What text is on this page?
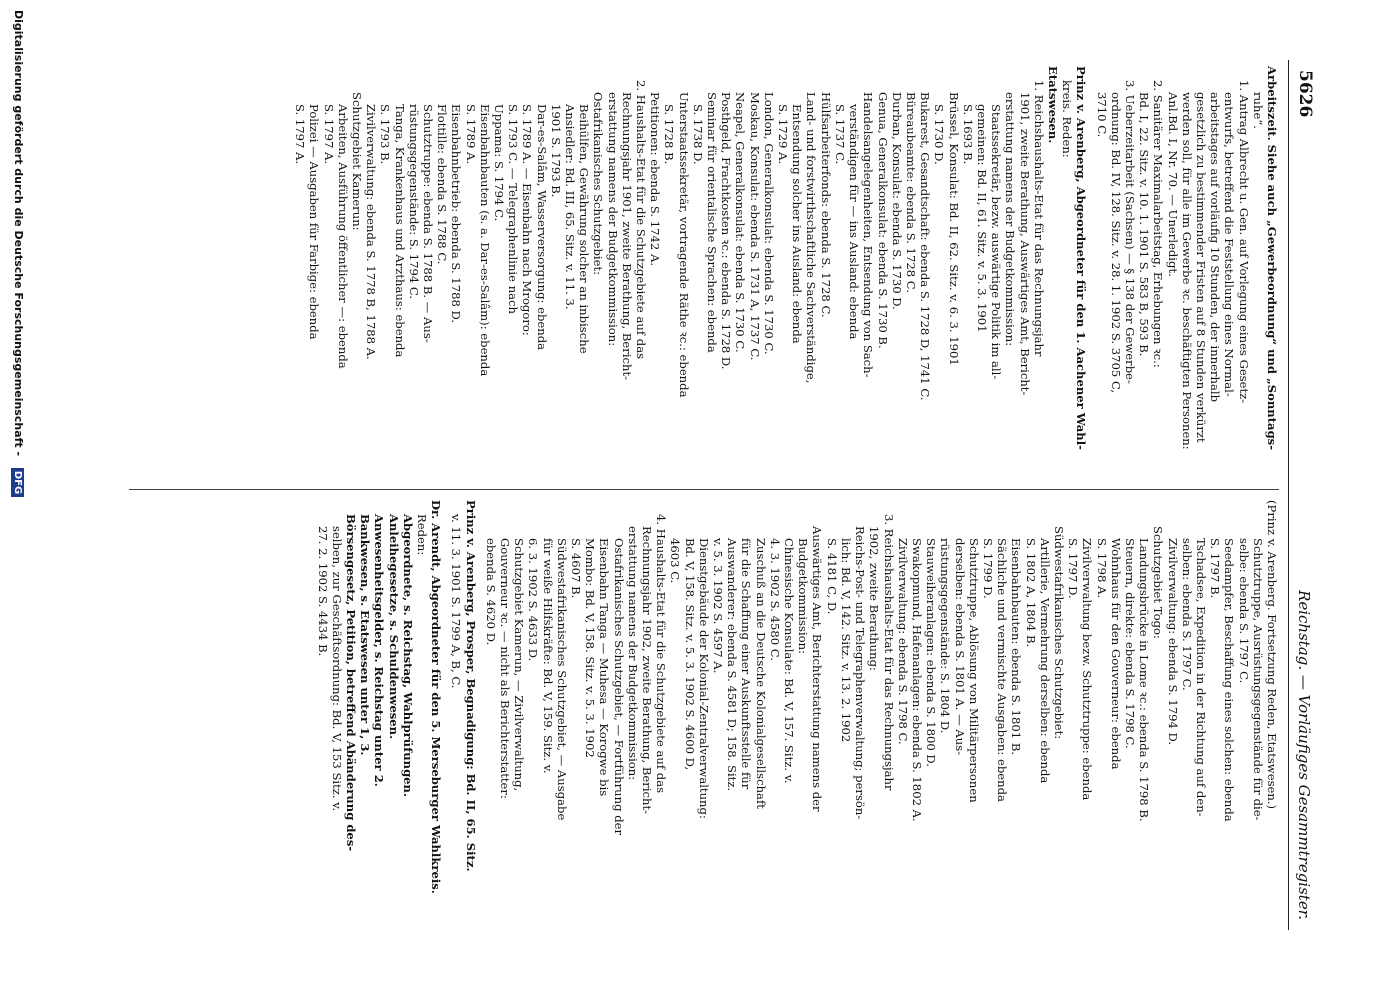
5626
Reichstag. — Vorläufiges Gesammtregister.
Arbeitszeit. Siehe auch „Gewerbeordnung“ und „Sonntags-
ruhe“.
1. Antrag Albrecht u. Gen. auf Vorlegung eines Gesetz-
entwurfs, betreffend die Feststellung eines Normal-
arbeitstages auf vorläufig 10 Stunden, der innerhalb
gesetzlich zu bestimmender Fristen auf 8 Stunden verkürzt
werden soll, für alle im Gewerbe ꝛc. beschäftigten Personen:
Anl.Bd. I, Nr. 70. — Unerledigt.
2. Sanitärer Maximalarbeitstag, Erhebungen ꝛc.:
Bd. I, 22. Sitz. v. 10. 1. 1901 S. 583 B, 593 B.
3. Ueberzeitarbeit (Sachsen) — § 138 der Gewerbe-
ordnung: Bd. IV, 128. Sitz. v. 28. 1. 1902 S. 3705 C,
3710 C.
Prinz v. Arenberg, Abgeordneter für den 1. Aachener Wahl-
kreis. Reden:
Etatswesen.
1. Reichshaushalts-Etat für das Rechnungsjahr
1901, zweite Berathung, Auswärtiges Amt, Bericht-
erstattung namens der Budgetkommission:
Staatssekretär, bezw. auswärtige Politik im all-
gemeinen: Bd. II, 61. Sitz. v. 5. 3. 1901
S. 1693 B.
Brüssel, Konsulat: Bd. II, 62. Sitz. v. 6. 3. 1901
S. 1730 D.
Bukarest, Gesandtschaft: ebenda S. 1728 D, 1741 C.
Büreaubeamte: ebenda S. 1728 C.
Durban, Konsulat: ebenda S. 1730 D.
Genua, Generalkonsulat: ebenda S. 1730 B.
Handelsangelegenheiten, Entsendung von Sach-
verständigen für — ins Ausland: ebenda
S. 1737 C.
Hülfsarbeiterfonds: ebenda S. 1728 C.
Land- und forstwirthschaftliche Sachverständige,
Entsendung solcher ins Ausland: ebenda
S. 1729 A.
London, Generalkonsulat: ebenda S. 1730 C.
Moskau, Konsulat: ebenda S. 1731 A, 1737 C.
Neapel, Generalkonsulat: ebenda S. 1730 C.
Posthgeld, Frachtkosten ꝛc.: ebenda S. 1728 D.
Seminar für orientalische Sprachen: ebenda
S. 1738 D.
Unterstaatssekretär, vortragende Räthe ꝛc.: ebenda
S. 1728 B.
Petitionen: ebenda S. 1742 A.
2. Haushalts-Etat für die Schutzgebiete auf das
Rechnungsjahr 1901, zweite Berathung, Bericht-
erstattung namens der Budgetkommission:
Ostafrikanisches Schutzgebiet:
Beihülfen, Gewährung solcher an inbische
Ansiedler: Bd. III, 65. Sitz. v. 11. 3.
1901 S. 1793 B.
Dar-es-Salâm, Wasserversorgung: ebenda
S. 1789 A. — Eisenbahn nach Mrogoro:
S. 1793 C. — Telegraphenlinie nach
Uppama: S. 1794 C.
Eisenbahnbauten (s. a. Dar-es-Salâm): ebenda
S. 1789 A.
Eisenbahnbetrieb: ebenda S. 1788 D.
Flottille: ebenda S. 1788 C.
Schutztruppe: ebenda S. 1788 B. — Aus-
rüstungsgegenstände: S. 1794 C.
Tanga, Krankenhaus und Arzthaus: ebenda
S. 1793 B.
Zivilverwaltung: ebenda S. 1778 B, 1788 A.
Schutzgebiet Kamerun:
Arbeiten, Ausführung öffentlicher —: ebenda
S. 1797 A.
Polizei — Ausgaben für Farbige: ebenda
S. 1797 A.
(Prinz v. Arenberg. Fortsetzung Reden, Etatswesen.)
Schutztruppe, Ausrüstungsgegenstände für die-
selbe: ebenda S. 1797 C.
Seedampfer, Beschaffung eines solchen: ebenda
S. 1797 B.
Tschadsee, Expedition in der Richtung auf den-
selben: ebenda S. 1797 C.
Zivilverwaltung: ebenda S. 1794 D.
Schutzgebiet Togo:
Landungsbrücke in Lome ꝛc.: ebenda S. 1798 B.
Steuern, direkte: ebenda S. 1798 C.
Wohnhaus für den Gouverneur: ebenda
S. 1798 A.
Zivilverwaltung bezw. Schutztruppe: ebenda
S. 1797 D.
Südwestafrikanisches Schutzgebiet:
Artillerie, Vermehrung derselben: ebenda
S. 1802 A, 1804 B.
Eisenbahnbauten: ebenda S. 1801 B.
Sächliche und vermischte Ausgaben: ebenda
S. 1799 D.
Schutztruppe, Ablösung von Militärpersonen
derselben: ebenda S. 1801 A. — Aus-
rüstungsgegenstände: S. 1804 D.
Stauweiheranlagen: ebenda S. 1800 D.
Swakopmund, Hafenanlagen: ebenda S. 1802 A.
Zivilverwaltung: ebenda S. 1798 C.
3. Reichshaushalts-Etat für das Rechnungsjahr
1902, zweite Berathung:
Reichs-Post- und Telegraphenverwaltung; persön-
lich: Bd. V, 142. Sitz. v. 13. 2. 1902
S. 4181 C, D.
Auswärtiges Amt, Berichterstattung namens der
Budgetkommission:
Chinesische Konsulate: Bd. V, 157. Sitz. v.
4. 3. 1902 S. 4580 C.
Zuschuß an die Deutsche Kolonialgesellschaft
für die Schaffung einer Auskunftsstelle für
Auswanderer: ebenda S. 4581 D; 158. Sitz.
v. 5. 3. 1902 S. 4597 A.
Dienstgebäude der Kolonial-Zentralverwaltung:
Bd. V, 158. Sitz. v. 5. 3. 1902 S. 4600 D,
4603 C.
4. Haushalts-Etat für die Schutzgebiete auf das
Rechnungsjahr 1902, zweite Berathung, Bericht-
erstattung namens der Budgetkommission:
Ostafrikanisches Schutzgebiet, — Fortführung der
Eisenbahn Tanga — Muhesa — Korogwe bis
Mombo: Bd. V, 158. Sitz. v. 5. 3. 1902
S. 4607 B.
Südwestafrikanisches Schutzgebiet, — Ausgabe
für weiße Hilfskräfte: Bd. V, 159. Sitz. v.
6. 3. 1902 S. 4633 D.
Schutzgebiet Kamerun, — Zivilverwaltung,
Gouverneur ꝛc. — nicht als Berichterstatter:
ebenda S. 4620 D.
Prinz v. Arenberg, Prosper, Begnadigung: Bd. II, 65. Sitz.
v. 11. 3. 1901 S. 1799 A, B, C.
Dr. Arendt, Abgeordneter für den 5. Merseburger Wahlkreis.
Reden:
Abgeordnete, s. Reichstag, Wahlprüfungen.
Anleihegesetze, s. Schuldenwesen.
Anwesenheitsgelder, s. Reichstag unter 2.
Bankwesen, s. Etatswesen unter 1, 3.
Börsengesetz, Petition, betreffend Abänderung des-
selben, zur Geschäftsordnung: Bd. V, 153 Sitz. v.
27. 2. 1902 S. 4434 B.
Digitalisierung gefördert durch die Deutsche Forschungsgemeinschaft - DFG
